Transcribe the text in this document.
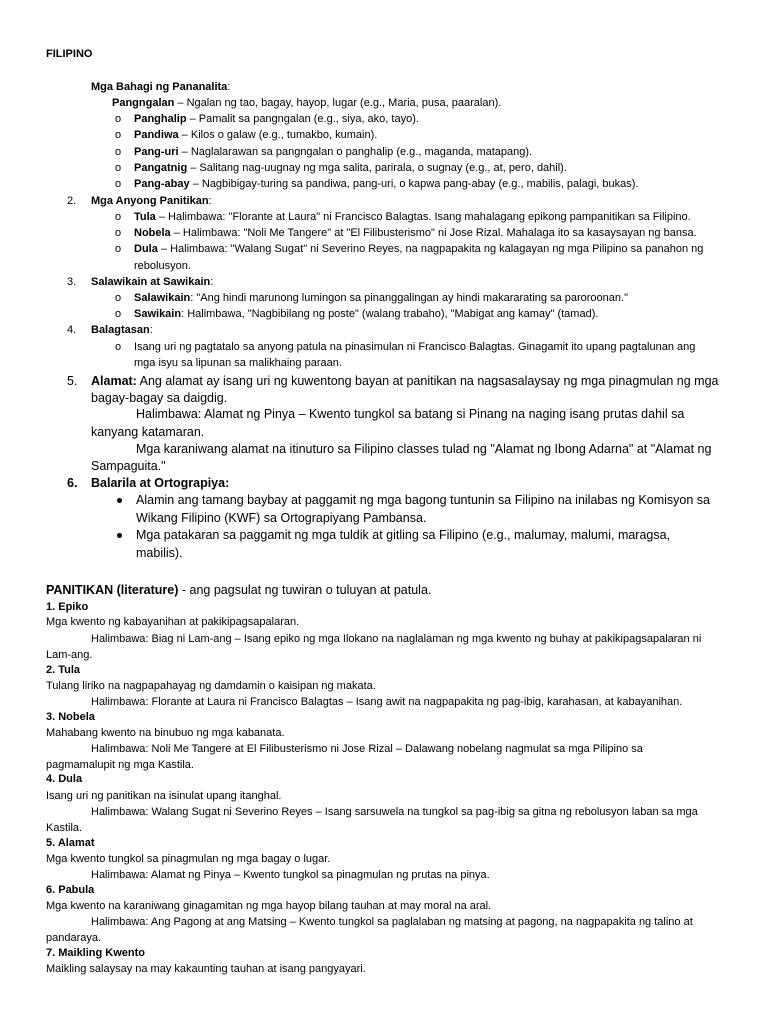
FILIPINO
Mga Bahagi ng Pananalita:
Pangngalan – Ngalan ng tao, bagay, hayop, lugar (e.g., Maria, pusa, paaralan).
o Panghalip – Pamalit sa pangngalan (e.g., siya, ako, tayo).
o Pandiwa – Kilos o galaw (e.g., tumakbo, kumain).
o Pang-uri – Naglalarawan sa pangngalan o panghalip (e.g., maganda, matapang).
o Pangatnig – Salitang nag-uugnay ng mga salita, parirala, o sugnay (e.g., at, pero, dahil).
o Pang-abay – Nagbibigay-turing sa pandiwa, pang-uri, o kapwa pang-abay (e.g., mabilis, palagi, bukas).
2. Mga Anyong Panitikan:
o Tula – Halimbawa: "Florante at Laura" ni Francisco Balagtas. Isang mahalagang epikong pampanitikan sa Filipino.
o Nobela – Halimbawa: "Noli Me Tangere" at "El Filibusterismo" ni Jose Rizal. Mahalaga ito sa kasaysayan ng bansa.
o Dula – Halimbawa: "Walang Sugat" ni Severino Reyes, na nagpapakita ng kalagayan ng mga Pilipino sa panahon ng
rebolusyon.
3. Salawikain at Sawikain:
o Salawikain: "Ang hindi marunong lumingon sa pinanggalingan ay hindi makararating sa paroroonan."
o Sawikain: Halimbawa, "Nagbibilang ng poste" (walang trabaho), "Mabigat ang kamay" (tamad).
4. Balagtasan:
o Isang uri ng pagtatalo sa anyong patula na pinasimulan ni Francisco Balagtas. Ginagamit ito upang pagtalunan ang
mga isyu sa lipunan sa malikhaing paraan.
5. Alamat: Ang alamat ay isang uri ng kuwentong bayan at panitikan na nagsasalaysay ng mga pinagmulan ng mga
bagay-bagay sa daigdig.
Halimbawa: Alamat ng Pinya – Kwento tungkol sa batang si Pinang na naging isang prutas dahil sa
kanyang katamaran.
Mga karaniwang alamat na itinuturo sa Filipino classes tulad ng "Alamat ng Ibong Adarna" at "Alamat ng
Sampaguita."
6. Balarila at Ortograpiya:
Alamin ang tamang baybay at paggamit ng mga bagong tuntunin sa Filipino na inilabas ng Komisyon sa
Wikang Filipino (KWF) sa Ortograpiyang Pambansa.
Mga patakaran sa paggamit ng mga tuldik at gitling sa Filipino (e.g., malumay, malumi, maragsa,
mabilis).
PANITIKAN (literature) - ang pagsulat ng tuwiran o tuluyan at patula.
1. Epiko
Mga kwento ng kabayanihan at pakikipagsapalaran.
Halimbawa: Biag ni Lam-ang – Isang epiko ng mga Ilokano na naglalaman ng mga kwento ng buhay at pakikipagsapalaran ni
Lam-ang.
2. Tula
Tulang liriko na nagpapahayag ng damdamin o kaisipan ng makata.
Halimbawa: Florante at Laura ni Francisco Balagtas – Isang awit na nagpapakita ng pag-ibig, karahasan, at kabayanihan.
3. Nobela
Mahabang kwento na binubuo ng mga kabanata.
Halimbawa: Noli Me Tangere at El Filibusterismo ni Jose Rizal – Dalawang nobelang nagmulat sa mga Pilipino sa
pagmamalupit ng mga Kastila.
4. Dula
Isang uri ng panitikan na isinulat upang itanghal.
Halimbawa: Walang Sugat ni Severino Reyes – Isang sarsuwela na tungkol sa pag-ibig sa gitna ng rebolusyon laban sa mga
Kastila.
5. Alamat
Mga kwento tungkol sa pinagmulan ng mga bagay o lugar.
Halimbawa: Alamat ng Pinya – Kwento tungkol sa pinagmulan ng prutas na pinya.
6. Pabula
Mga kwento na karaniwang ginagamitan ng mga hayop bilang tauhan at may moral na aral.
Halimbawa: Ang Pagong at ang Matsing – Kwento tungkol sa paglalaban ng matsing at pagong, na nagpapakita ng talino at
pandaraya.
7. Maikling Kwento
Maikling salaysay na may kakaunting tauhan at isang pangyayari.
